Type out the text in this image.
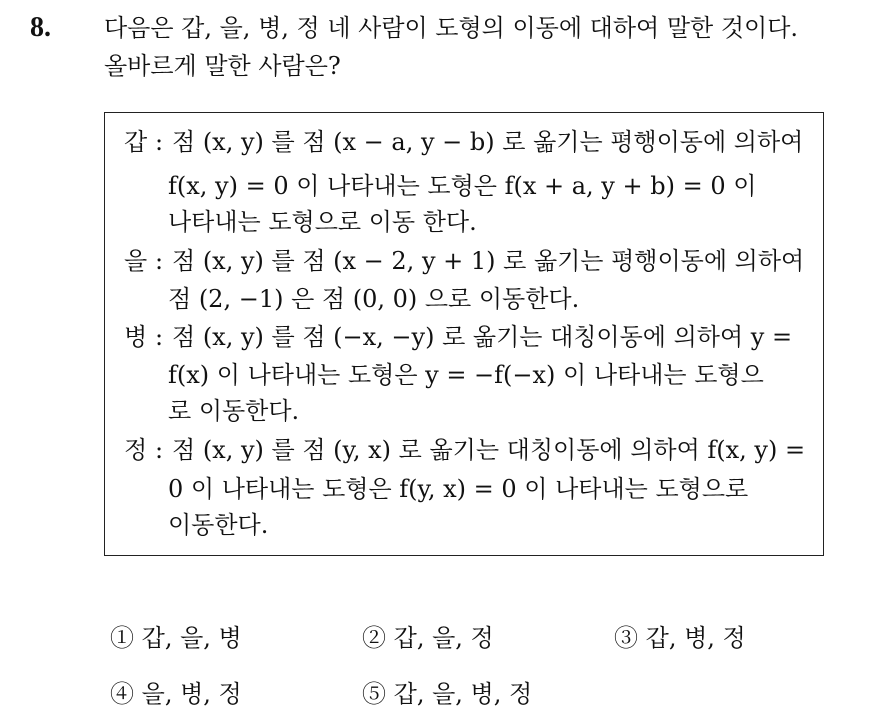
8. 다음은 갑, 을, 병, 정 네 사람이 도형의 이동에 대하여 말한 것이다.
올바르게 말한 사람은?
갑 : 점 (x, y) 를 점 (x − a, y − b) 로 옮기는 평행이동에 의하여
f(x, y) = 0 이 나타내는 도형은 f(x + a, y + b) = 0 이
나타내는 도형으로 이동 한다.
을 : 점 (x, y) 를 점 (x − 2, y + 1) 로 옮기는 평행이동에 의하여
점 (2, −1) 은 점 (0, 0) 으로 이동한다.
병 : 점 (x, y) 를 점 (−x, −y) 로 옮기는 대칭이동에 의하여 y =
f(x) 이 나타내는 도형은 y = −f(−x) 이 나타내는 도형으
로 이동한다.
정 : 점 (x, y) 를 점 (y, x) 로 옮기는 대칭이동에 의하여 f(x, y) =
0 이 나타내는 도형은 f(y, x) = 0 이 나타내는 도형으로
이동한다.
① 갑, 을, 병	② 갑, 을, 정	③ 갑, 병, 정
④ 을, 병, 정	⑤ 갑, 을, 병, 정
